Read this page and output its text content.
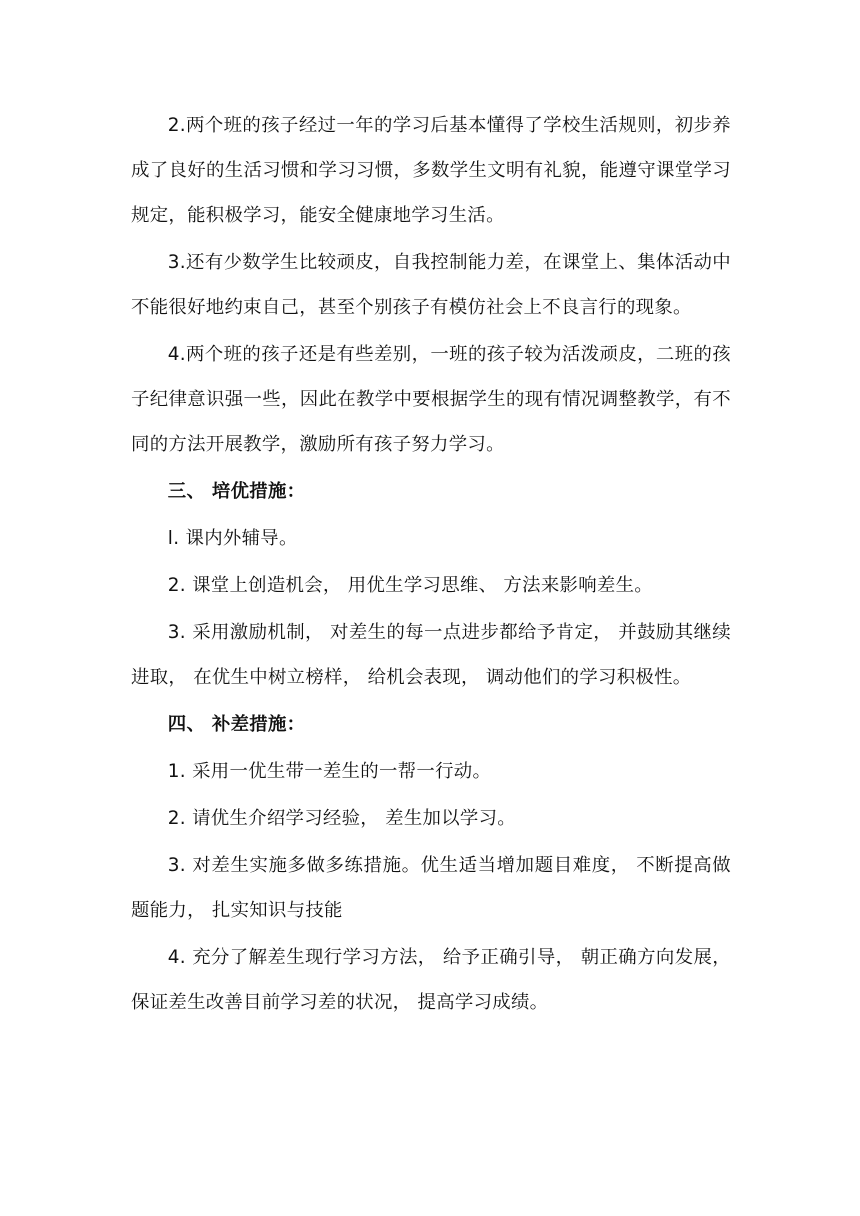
2.两个班的孩子经过一年的学习后基本懂得了学校生活规则，初步养成了良好的生活习惯和学习习惯，多数学生文明有礼貌，能遵守课堂学习规定，能积极学习，能安全健康地学习生活。

3.还有少数学生比较顽皮，自我控制能力差，在课堂上、集体活动中不能很好地约束自己，甚至个别孩子有模仿社会上不良言行的现象。

4.两个班的孩子还是有些差别，一班的孩子较为活泼顽皮，二班的孩子纪律意识强一些，因此在教学中要根据学生的现有情况调整教学，有不同的方法开展教学，激励所有孩子努力学习。

三、 培优措施：

l. 课内外辅导。

2. 课堂上创造机会， 用优生学习思维、 方法来影响差生。

3. 采用激励机制， 对差生的每一点进步都给予肯定， 并鼓励其继续进取， 在优生中树立榜样， 给机会表现， 调动他们的学习积极性。

四、 补差措施：

1. 采用一优生带一差生的一帮一行动。

2. 请优生介绍学习经验， 差生加以学习。

3. 对差生实施多做多练措施。优生适当增加题目难度， 不断提高做题能力， 扎实知识与技能

4. 充分了解差生现行学习方法， 给予正确引导， 朝正确方向发展，保证差生改善目前学习差的状况， 提高学习成绩。
